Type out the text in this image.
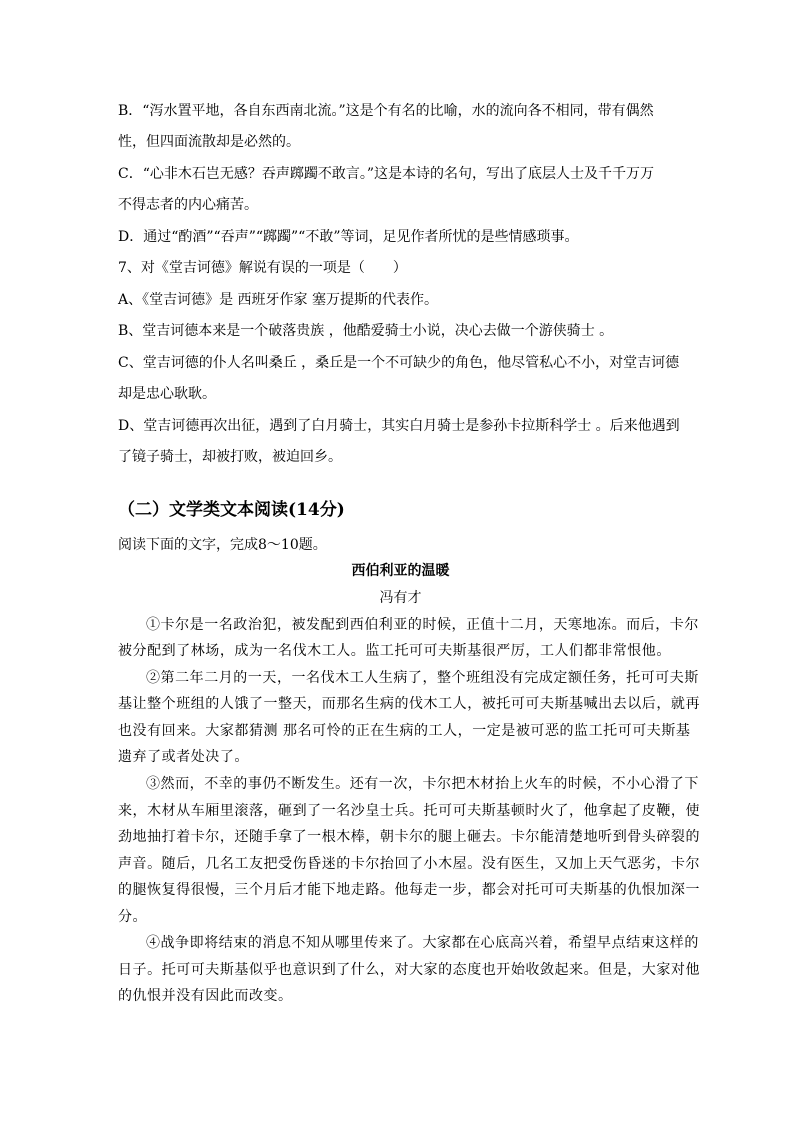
B．“泻水置平地，各自东西南北流。”这是个有名的比喻，水的流向各不相同，带有偶然
性，但四面流散却是必然的。
C．“心非木石岂无感？吞声踯躅不敢言。”这是本诗的名句，写出了底层人士及千千万万
不得志者的内心痛苦。
D．通过“酌酒”“吞声”“踯躅”“不敢”等词，足见作者所忧的是些情感琐事。
7、对《堂吉诃德》解说有误的一项是（　　）
A、《堂吉诃德》是 西班牙作家 塞万提斯的代表作。
B、堂吉诃德本来是一个破落贵族 ，他酷爱骑士小说，决心去做一个游侠骑士 。
C、堂吉诃德的仆人名叫桑丘 ，桑丘是一个不可缺少的角色，他尽管私心不小，对堂吉诃德
却是忠心耿耿。
D、堂吉诃德再次出征，遇到了白月骑士，其实白月骑士是参孙卡拉斯科学士 。后来他遇到
了镜子骑士，却被打败，被迫回乡。
（二）文学类文本阅读(14分)
阅读下面的文字，完成8～10题。
西伯利亚的温暖
冯有才
①卡尔是一名政治犯，被发配到西伯利亚的时候，正值十二月，天寒地冻。而后，卡尔
被分配到了林场，成为一名伐木工人。监工托可可夫斯基很严厉，工人们都非常恨他。
②第二年二月的一天，一名伐木工人生病了，整个班组没有完成定额任务，托可可夫斯
基让整个班组的人饿了一整天，而那名生病的伐木工人，被托可可夫斯基喊出去以后，就再
也没有回来。大家都猜测 那名可怜的正在生病的工人，一定是被可恶的监工托可可夫斯基
遗弃了或者处决了。
③然而，不幸的事仍不断发生。还有一次，卡尔把木材抬上火车的时候，不小心滑了下
来，木材从车厢里滚落，砸到了一名沙皇士兵。托可可夫斯基顿时火了，他拿起了皮鞭，使
劲地抽打着卡尔，还随手拿了一根木棒，朝卡尔的腿上砸去。卡尔能清楚地听到骨头碎裂的
声音。随后，几名工友把受伤昏迷的卡尔抬回了小木屋。没有医生，又加上天气恶劣，卡尔
的腿恢复得很慢，三个月后才能下地走路。他每走一步，都会对托可可夫斯基的仇恨加深一
分。
④战争即将结束的消息不知从哪里传来了。大家都在心底高兴着，希望早点结束这样的
日子。托可可夫斯基似乎也意识到了什么，对大家的态度也开始收敛起来。但是，大家对他
的仇恨并没有因此而改变。
